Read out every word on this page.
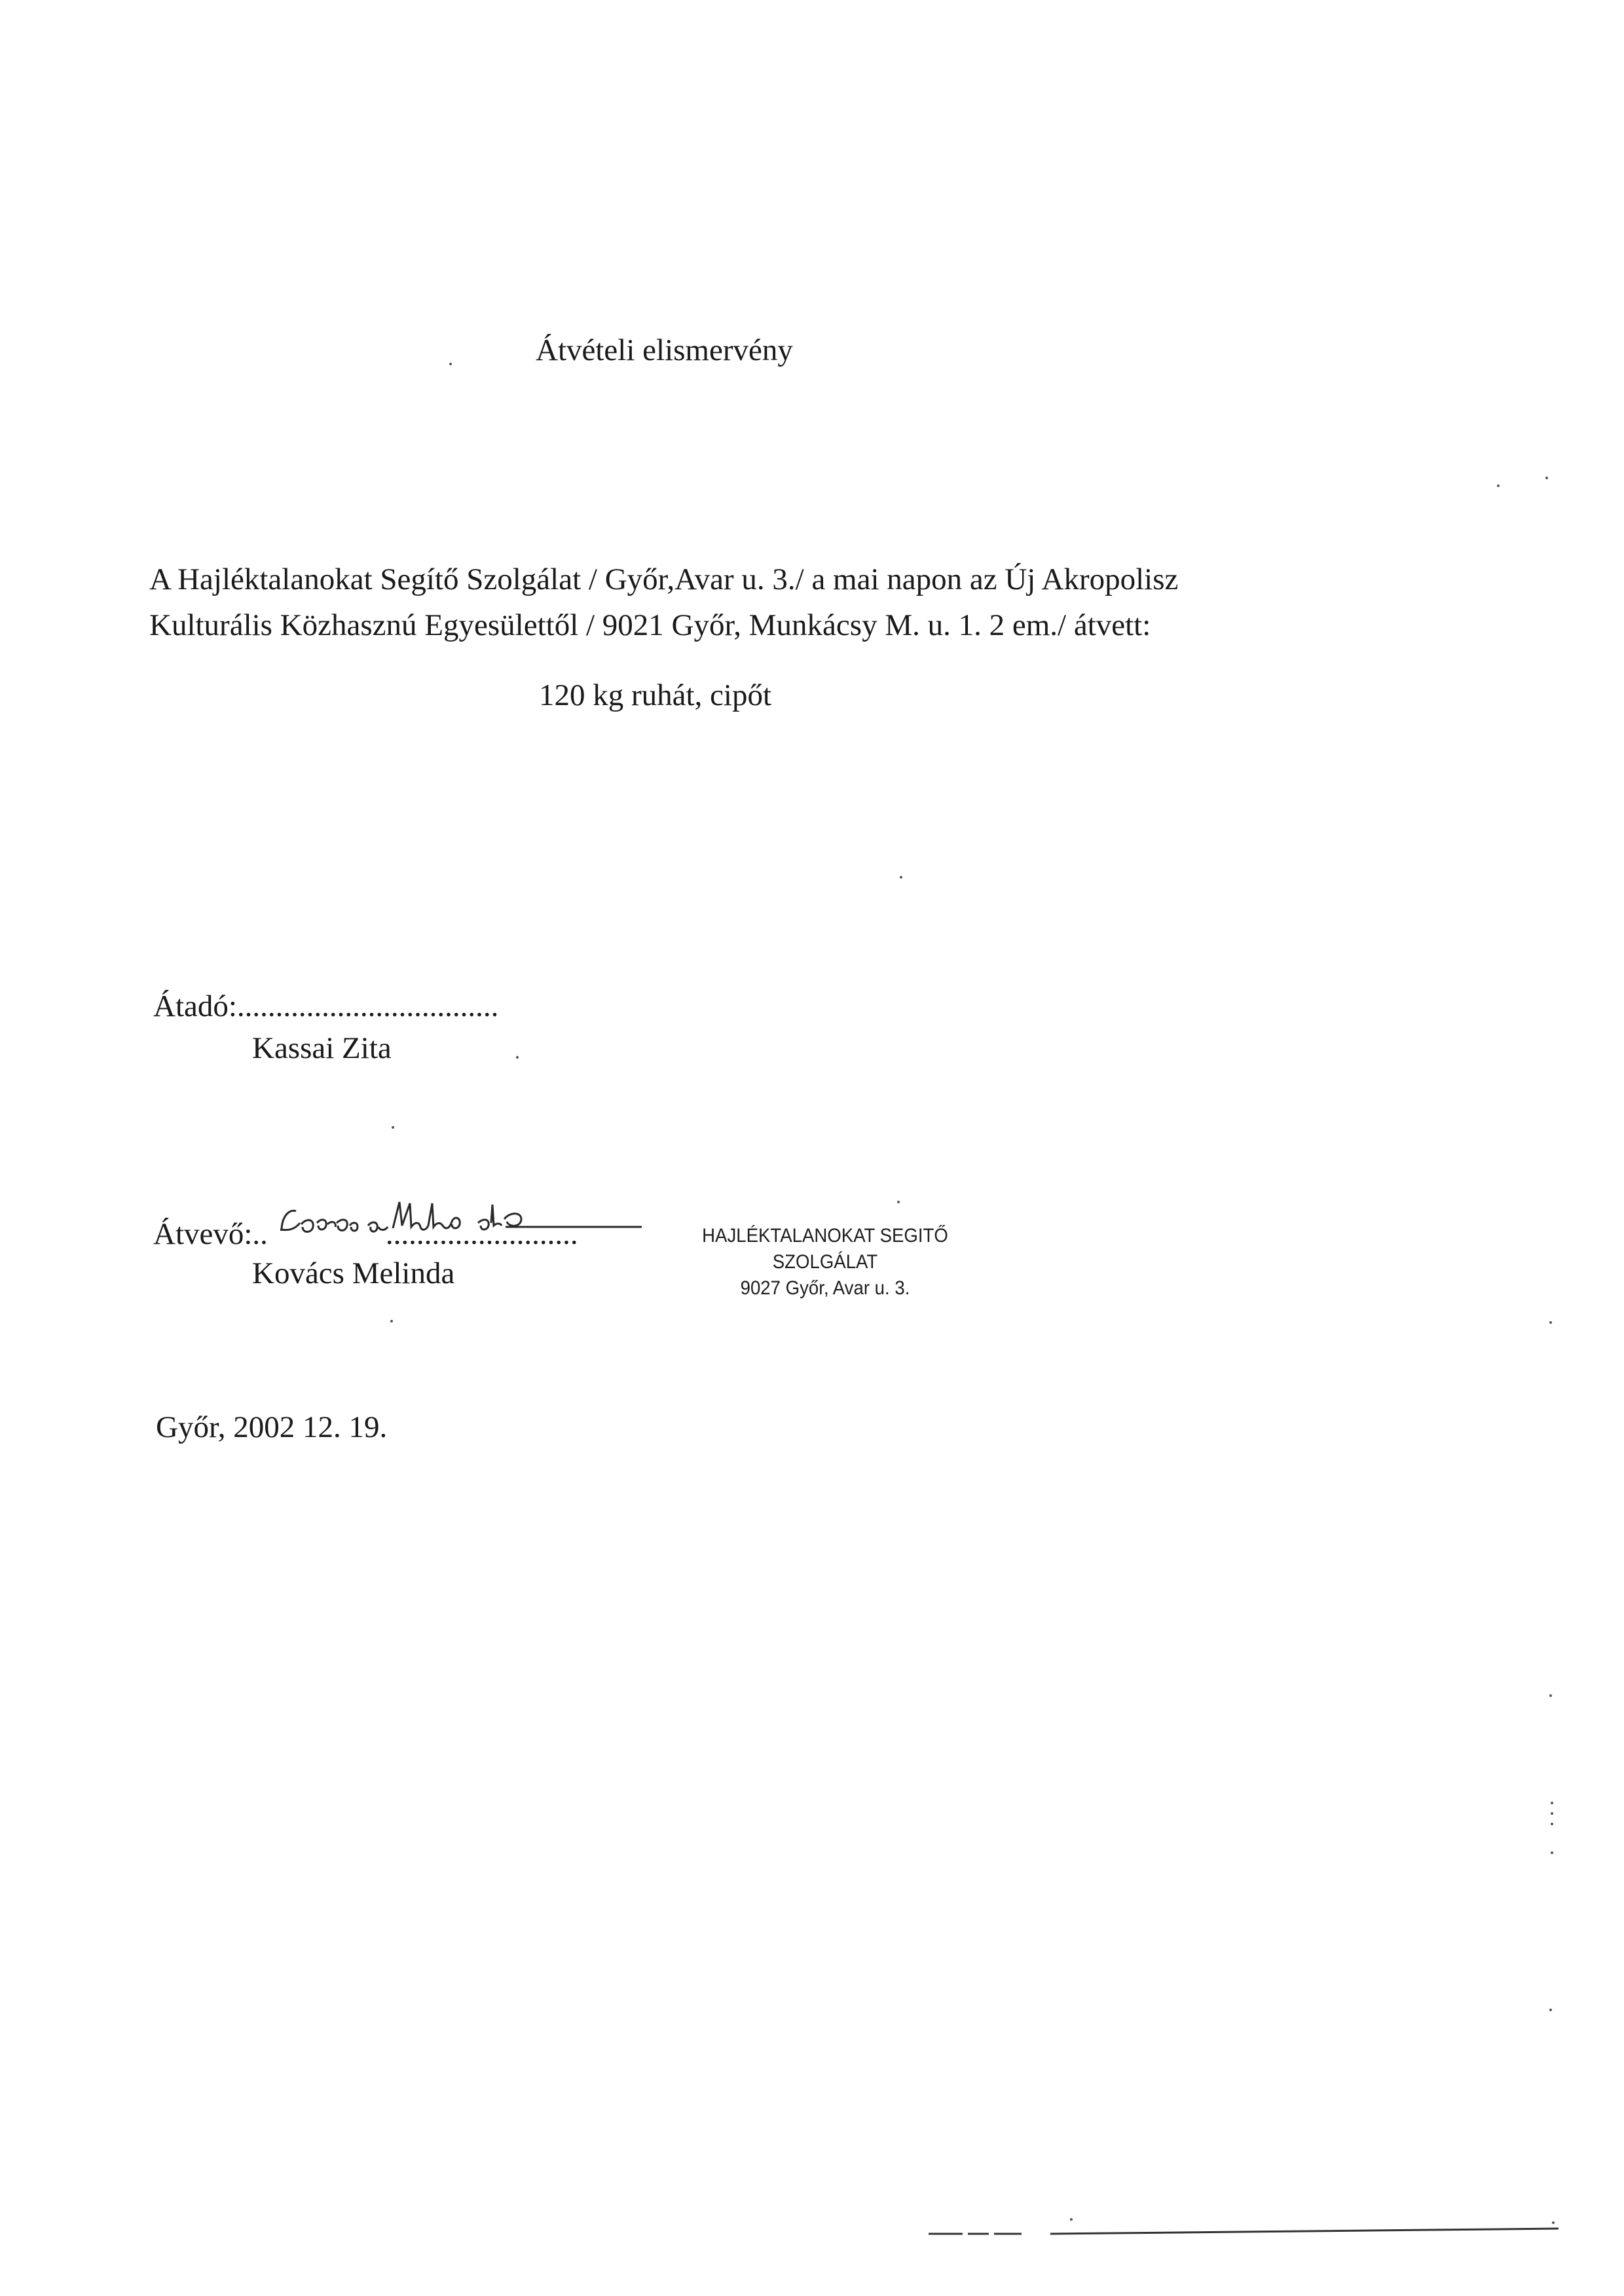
Átvételi elismervény
A Hajléktalanokat Segítő Szolgálat / Győr,Avar u. 3./ a mai napon az Új Akropolisz
Kulturális Közhasznú Egyesülettől / 9021 Győr, Munkácsy M. u. 1. 2 em./ átvett:
120 kg ruhát, cipőt
Átadó:..................................
Kassai Zita
Átvevő:..	.........................
Kovács Melinda
HAJLÉKTALANOKAT SEGITŐ
SZOLGÁLAT
9027 Győr, Avar u. 3.
Győr, 2002 12. 19.
